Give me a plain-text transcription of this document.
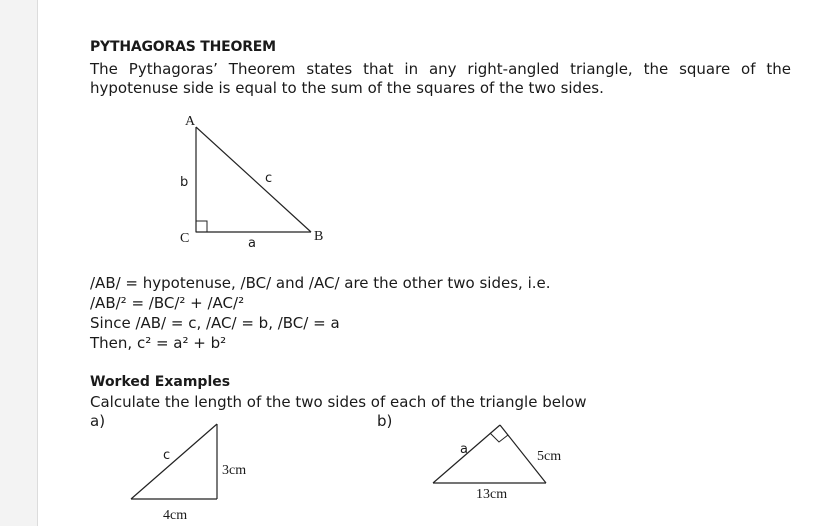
PYTHAGORAS THEOREM
The Pythagoras’ Theorem states that in any right-angled triangle, the square of the hypotenuse side is equal to the sum of the squares of the two sides.
A
B
C
b	c
a
c
3cm
4cm
a	5cm
13cm
/AB/ = hypotenuse, /BC/ and /AC/ are the other two sides, i.e.
/AB/² = /BC/² + /AC/²
Since /AB/ = c, /AC/ = b, /BC/ = a
Then, c² = a² + b²
Worked Examples
Calculate the length of the two sides of each of the triangle below
a)	b)
